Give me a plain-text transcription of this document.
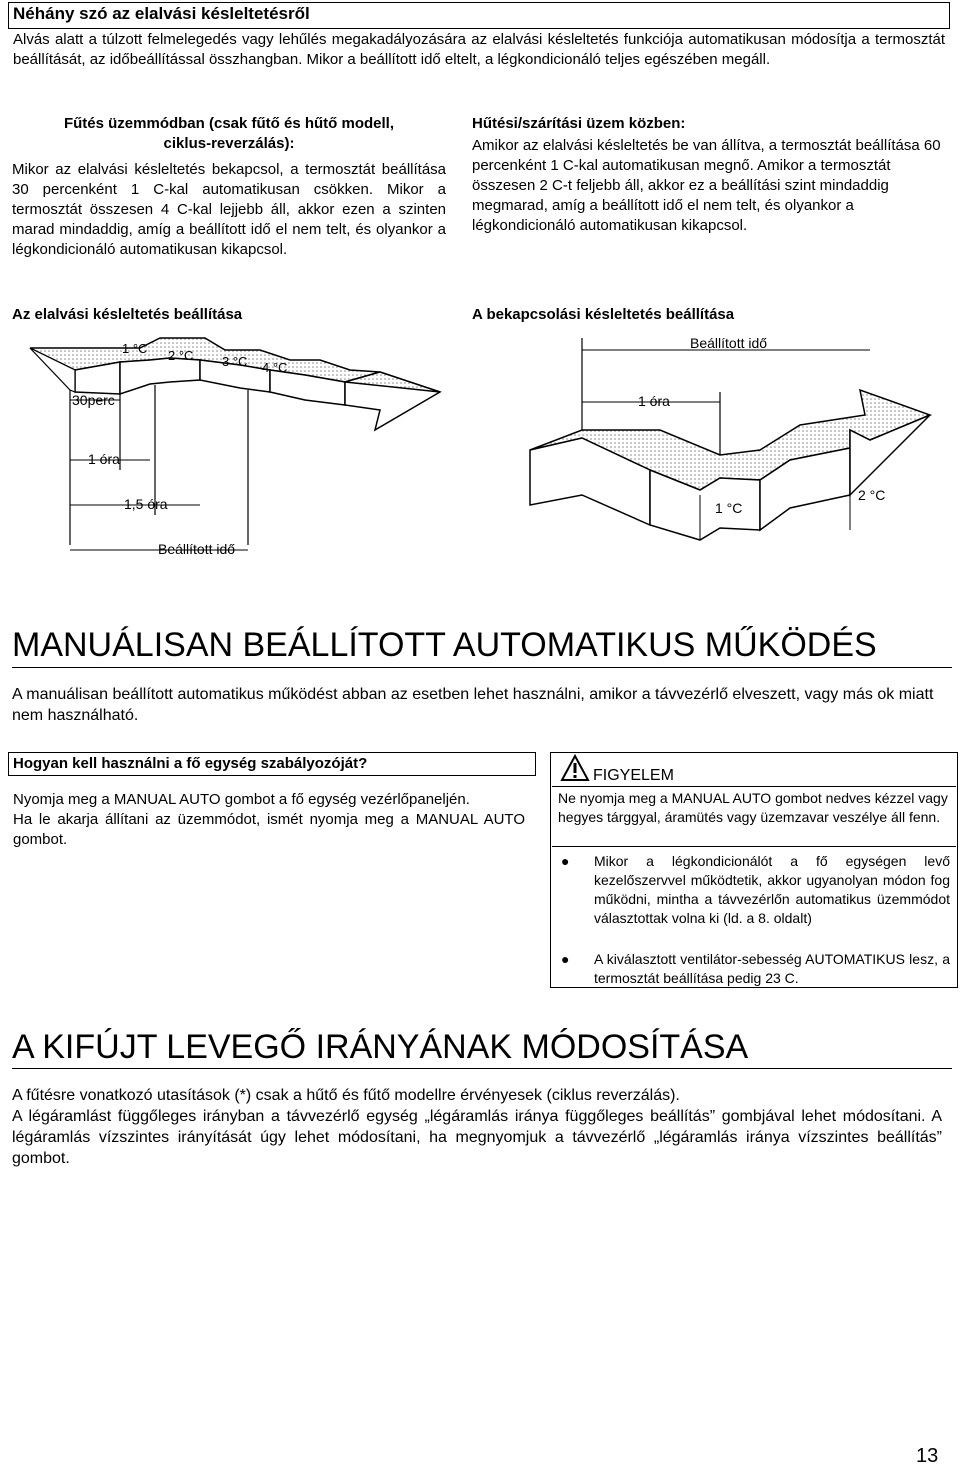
Néhány szó az elalvási késleltetésről

Alvás alatt a túlzott felmelegedés vagy lehűlés megakadályozására az elalvási késleltetés funkciója automatikusan módosítja a termosztát beállítását, az időbeállítással összhangban. Mikor a beállított idő eltelt, a légkondicionáló teljes egészében megáll.

Fűtés üzemmódban (csak fűtő és hűtő modell,
ciklus-reverzálás):

Mikor az elalvási késleltetés bekapcsol, a termosztát beállítása 30 percenként 1 C-kal automatikusan csökken. Mikor a termosztát összesen 4 C-kal lejjebb áll, akkor ezen a szinten marad mindaddig, amíg a beállított idő el nem telt, és olyankor a légkondicionáló automatikusan kikapcsol.

Hűtési/szárítási üzem közben:

Amikor az elalvási késleltetés be van állítva, a termosztát beállítása 60 percenként 1 C-kal automatikusan megnő. Amikor a termosztát összesen 2 C-t feljebb áll, akkor ez a beállítási szint mindaddig megmarad, amíg a beállított idő el nem telt, és olyankor a légkondicionáló automatikusan kikapcsol.

Az elalvási késleltetés beállítása	A bekapcsolási késleltetés beállítása
1 °C 2 °C 3 °C 4 °C
30perc
1 óra
1,5 óra
Beállított idő
Beállított idő
1 óra
1 °C
2 °C
MANUÁLISAN BEÁLLÍTOTT AUTOMATIKUS MŰKÖDÉS

A manuálisan beállított automatikus működést abban az esetben lehet használni, amikor a távvezérlő elveszett, vagy más ok miatt nem használható.

Hogyan kell használni a fő egység szabályozóját?

Nyomja meg a MANUAL AUTO gombot a fő egység vezérlőpaneljén.

Ha le akarja állítani az üzemmódot, ismét nyomja meg a MANUAL AUTO gombot.

FIGYELEM

Ne nyomja meg a MANUAL AUTO gombot nedves kézzel vagy hegyes tárggyal, áramütés vagy üzemzavar veszélye áll fenn.

● Mikor a légkondicionálót a fő egységen levő kezelőszervvel működtetik, akkor ugyanolyan módon fog működni, mintha a távvezérlőn automatikus üzemmódot választottak volna ki (ld. a 8. oldalt)

● A kiválasztott ventilátor-sebesség AUTOMATIKUS lesz, a termosztát beállítása pedig 23 C.

A KIFÚJT LEVEGŐ IRÁNYÁNAK MÓDOSÍTÁSA

A fűtésre vonatkozó utasítások (*) csak a hűtő és fűtő modellre érvényesek (ciklus reverzálás).

A légáramlást függőleges irányban a távvezérlő egység „légáramlás iránya függőleges beállítás” gombjával lehet módosítani. A légáramlás vízszintes irányítását úgy lehet módosítani, ha megnyomjuk a távvezérlő „légáramlás iránya vízszintes beállítás” gombot.

13
